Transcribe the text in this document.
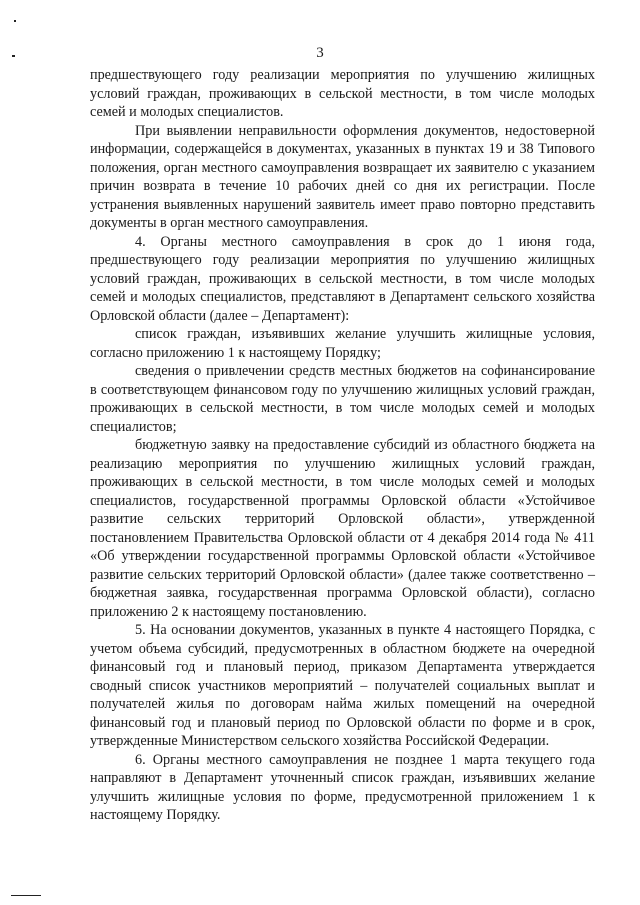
3

предшествующего году реализации мероприятия по улучшению жилищных условий граждан, проживающих в сельской местности, в том числе молодых семей и молодых специалистов.

При выявлении неправильности оформления документов, недостоверной информации, содержащейся в документах, указанных в пунктах 19 и 38 Типового положения, орган местного самоуправления возвращает их заявителю с указанием причин возврата в течение 10 рабочих дней со дня их регистрации. После устранения выявленных нарушений заявитель имеет право повторно представить документы в орган местного самоуправления.

4. Органы местного самоуправления в срок до 1 июня года, предшествующего году реализации мероприятия по улучшению жилищных условий граждан, проживающих в сельской местности, в том числе молодых семей и молодых специалистов, представляют в Департамент сельского хозяйства Орловской области (далее – Департамент):

список граждан, изъявивших желание улучшить жилищные условия, согласно приложению 1 к настоящему Порядку;

сведения о привлечении средств местных бюджетов на софинансирование в соответствующем финансовом году по улучшению жилищных условий граждан, проживающих в сельской местности, в том числе молодых семей и молодых специалистов;

бюджетную заявку на предоставление субсидий из областного бюджета на реализацию мероприятия по улучшению жилищных условий граждан, проживающих в сельской местности, в том числе молодых семей и молодых специалистов, государственной программы Орловской области «Устойчивое развитие сельских территорий Орловской области», утвержденной постановлением Правительства Орловской области от 4 декабря 2014 года № 411 «Об утверждении государственной программы Орловской области «Устойчивое развитие сельских территорий Орловской области» (далее также соответственно – бюджетная заявка, государственная программа Орловской области), согласно приложению 2 к настоящему постановлению.

5. На основании документов, указанных в пункте 4 настоящего Порядка, с учетом объема субсидий, предусмотренных в областном бюджете на очередной финансовый год и плановый период, приказом Департамента утверждается сводный список участников мероприятий – получателей социальных выплат и получателей жилья по договорам найма жилых помещений на очередной финансовый год и плановый период по Орловской области по форме и в срок, утвержденные Министерством сельского хозяйства Российской Федерации.

6. Органы местного самоуправления не позднее 1 марта текущего года направляют в Департамент уточненный список граждан, изъявивших желание улучшить жилищные условия по форме, предусмотренной приложением 1 к настоящему Порядку.
